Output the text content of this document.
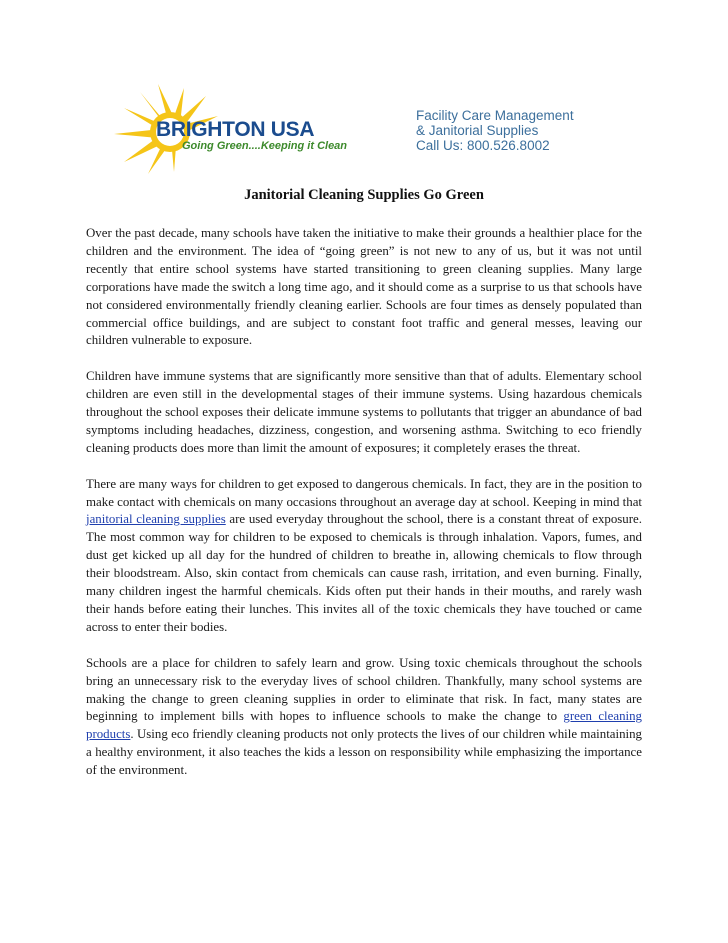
BRIGHTON USA
Going Green....Keeping it Clean
Facility Care Management
& Janitorial Supplies
Call Us: 800.526.8002
Janitorial Cleaning Supplies Go Green

Over the past decade, many schools have taken the initiative to make their grounds a healthier place for the children and the environment. The idea of “going green” is not new to any of us, but it was not until recently that entire school systems have started transitioning to green cleaning supplies. Many large corporations have made the switch a long time ago, and it should come as a surprise to us that schools have not considered environmentally friendly cleaning earlier. Schools are four times as densely populated than commercial office buildings, and are subject to constant foot traffic and general messes, leaving our children vulnerable to exposure.

Children have immune systems that are significantly more sensitive than that of adults. Elementary school children are even still in the developmental stages of their immune systems. Using hazardous chemicals throughout the school exposes their delicate immune systems to pollutants that trigger an abundance of bad symptoms including headaches, dizziness, congestion, and worsening asthma. Switching to eco friendly cleaning products does more than limit the amount of exposures; it completely erases the threat.

There are many ways for children to get exposed to dangerous chemicals. In fact, they are in the position to make contact with chemicals on many occasions throughout an average day at school. Keeping in mind that janitorial cleaning supplies are used everyday throughout the school, there is a constant threat of exposure. The most common way for children to be exposed to chemicals is through inhalation. Vapors, fumes, and dust get kicked up all day for the hundred of children to breathe in, allowing chemicals to flow through their bloodstream. Also, skin contact from chemicals can cause rash, irritation, and even burning. Finally, many children ingest the harmful chemicals. Kids often put their hands in their mouths, and rarely wash their hands before eating their lunches. This invites all of the toxic chemicals they have touched or came across to enter their bodies.

Schools are a place for children to safely learn and grow. Using toxic chemicals throughout the schools bring an unnecessary risk to the everyday lives of school children. Thankfully, many school systems are making the change to green cleaning supplies in order to eliminate that risk. In fact, many states are beginning to implement bills with hopes to influence schools to make the change to green cleaning products. Using eco friendly cleaning products not only protects the lives of our children while maintaining a healthy environment, it also teaches the kids a lesson on responsibility while emphasizing the importance of the environment.
